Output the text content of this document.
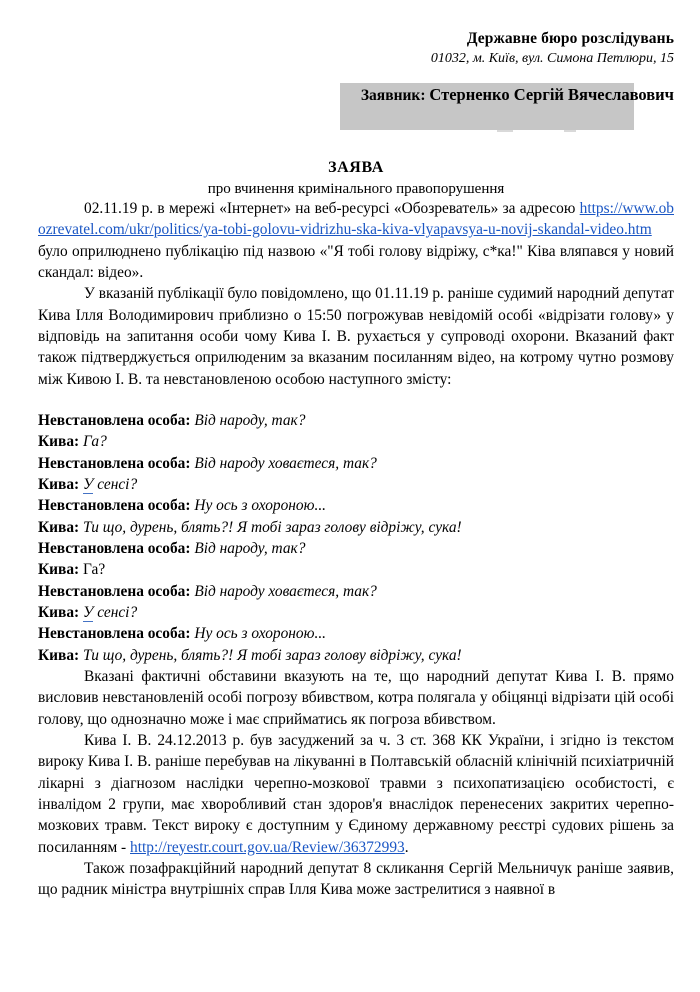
Державне бюро розслідувань
01032, м. Київ, вул. Симона Петлюри, 15
Заявник: Стерненко Сергій Вячеславович
ЗАЯВА
про вчинення кримінального правопорушення

02.11.19 р. в мережі «Інтернет» на веб-ресурсі «Обозреватель» за адресою https://www.obozrevatel.com/ukr/politics/ya-tobi-golovu-vidrizhu-ska-kiva-vlyapavsya-u-novij-skandal-video.htm було оприлюднено публікацію під назвою «"Я тобі голову відріжу, с*ка!" Ківа вляпався у новий скандал: відео».

У вказаній публікації було повідомлено, що 01.11.19 р. раніше судимий народний депутат Кива Ілля Володимирович приблизно о 15:50 погрожував невідомій особі «відрізати голову» у відповідь на запитання особи чому Кива І. В. рухається у супроводі охорони. Вказаний факт також підтверджується оприлюденим за вказаним посиланням відео, на котрому чутно розмову між Кивою І. В. та невстановленою особою наступного змісту:

Невстановлена особа: Від народу, так?
Кива: Га?
Невстановлена особа: Від народу ховаєтеся, так?
Кива: У сенсі?
Невстановлена особа: Ну ось з охороною...
Кива: Ти що, дурень, блять?! Я тобі зараз голову відріжу, сука!
Невстановлена особа: Від народу, так?
Кива: Га?
Невстановлена особа: Від народу ховаєтеся, так?
Кива: У сенсі?
Невстановлена особа: Ну ось з охороною...
Кива: Ти що, дурень, блять?! Я тобі зараз голову відріжу, сука!

Вказані фактичні обставини вказують на те, що народний депутат Кива І. В. прямо висловив невстановленій особі погрозу вбивством, котра полягала у обіцянці відрізати цій особі голову, що однозначно може і має сприйматись як погроза вбивством.

Кива І. В. 24.12.2013 р. був засуджений за ч. 3 ст. 368 КК України, і згідно із текстом вироку Кива І. В. раніше перебував на лікуванні в Полтавській обласній клінічній психіатричній лікарні з діагнозом наслідки черепно-мозкової травми з психопатизацією особистості, є інвалідом 2 групи, має хворобливий стан здоров'я внаслідок перенесених закритих черепно-мозкових травм. Текст вироку є доступним у Єдиному державному реєстрі судових рішень за посиланням - http://reyestr.court.gov.ua/Review/36372993.

Також позафракційний народний депутат 8 скликання Сергій Мельничук раніше заявив, що радник міністра внутрішніх справ Ілля Кива може застрелитися з наявної в
